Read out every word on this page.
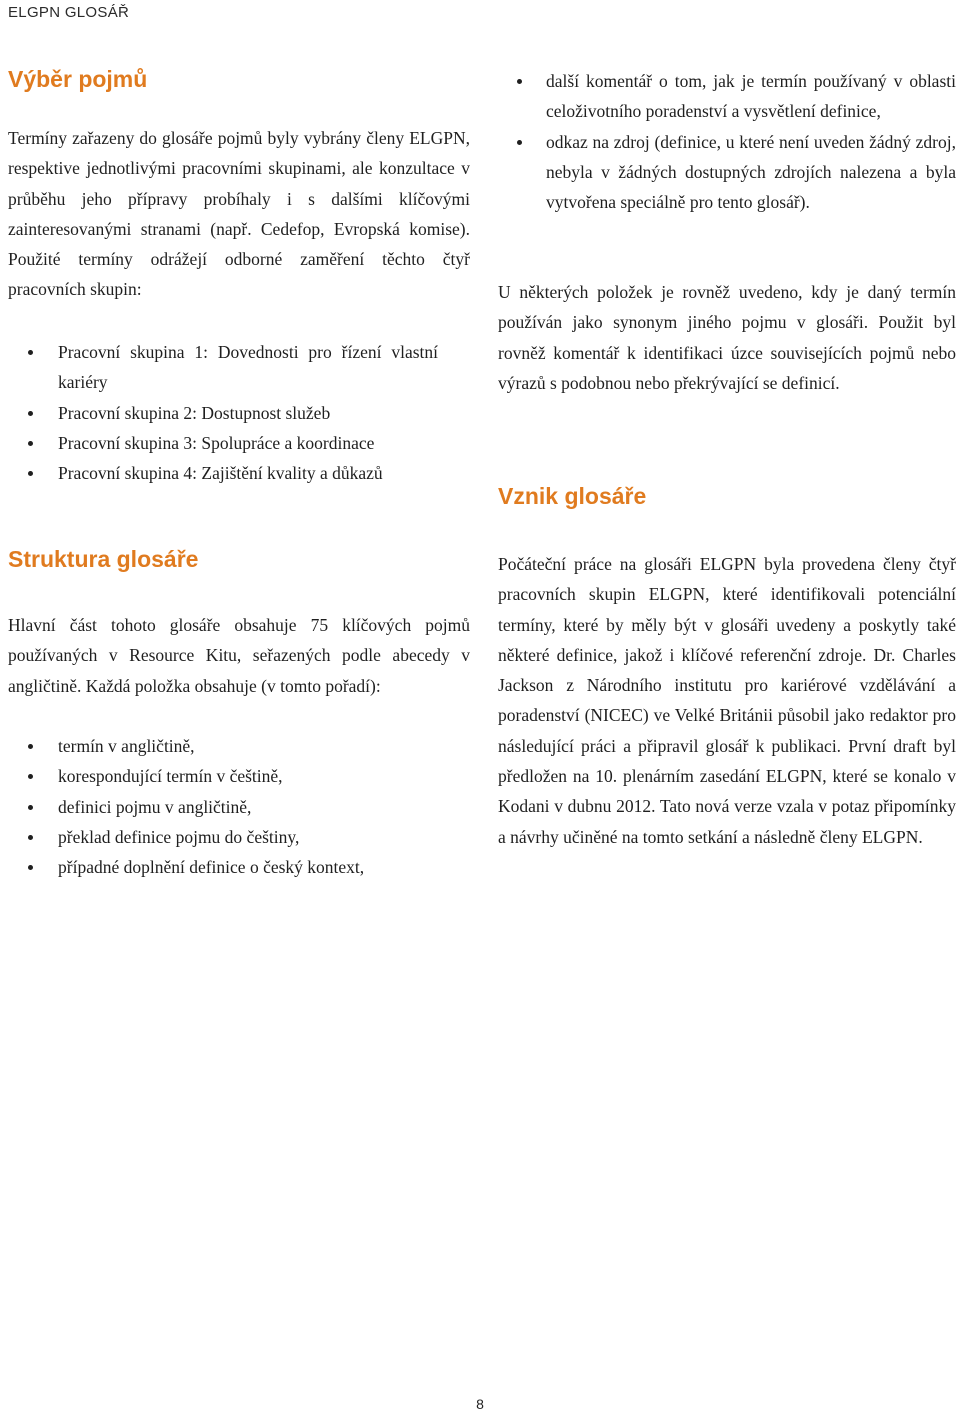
ELGPN GLOSÁŘ
Výběr pojmů

Termíny zařazeny do glosáře pojmů byly vybrány členy ELGPN, respektive jednotlivými pracovními skupinami, ale konzultace v průběhu jeho přípravy probíhaly i s dalšími klíčovými zainteresovanými stranami (např. Cedefop, Evropská komise). Použité termíny odrážejí odborné zaměření těchto čtyř pracovních skupin:

Pracovní skupina 1: Dovednosti pro řízení vlastní kariéry
Pracovní skupina 2: Dostupnost služeb
Pracovní skupina 3: Spolupráce a koordinace
Pracovní skupina 4: Zajištění kvality a důkazů
Struktura glosáře

Hlavní část tohoto glosáře obsahuje 75 klíčových pojmů používaných v Resource Kitu, seřazených podle abecedy v angličtině. Každá položka obsahuje (v tomto pořadí):

termín v angličtině,
korespondující termín v češtině,
definici pojmu v angličtině,
překlad definice pojmu do češtiny,
případné doplnění definice o český kontext,
další komentář o tom, jak je termín používaný v oblasti celoživotního poradenství a vysvětlení definice,
odkaz na zdroj (definice, u které není uveden žádný zdroj, nebyla v žádných dostupných zdrojích nalezena a byla vytvořena speciálně pro tento glosář).

U některých položek je rovněž uvedeno, kdy je daný termín používán jako synonym jiného pojmu v glosáři. Použit byl rovněž komentář k identifikaci úzce souvisejících pojmů nebo výrazů s podobnou nebo překrývající se definicí.

Vznik glosáře

Počáteční práce na glosáři ELGPN byla provedena členy čtyř pracovních skupin ELGPN, které identifikovali potenciální termíny, které by měly být v glosáři uvedeny a poskytly také některé definice, jakož i klíčové referenční zdroje. Dr. Charles Jackson z Národního institutu pro kariérové vzdělávání a poradenství (NICEC) ve Velké Británii působil jako redaktor pro následující práci a připravil glosář k publikaci. První draft byl předložen na 10. plenárním zasedání ELGPN, které se konalo v Kodani v dubnu 2012. Tato nová verze vzala v potaz připomínky a návrhy učiněné na tomto setkání a následně členy ELGPN.

8
